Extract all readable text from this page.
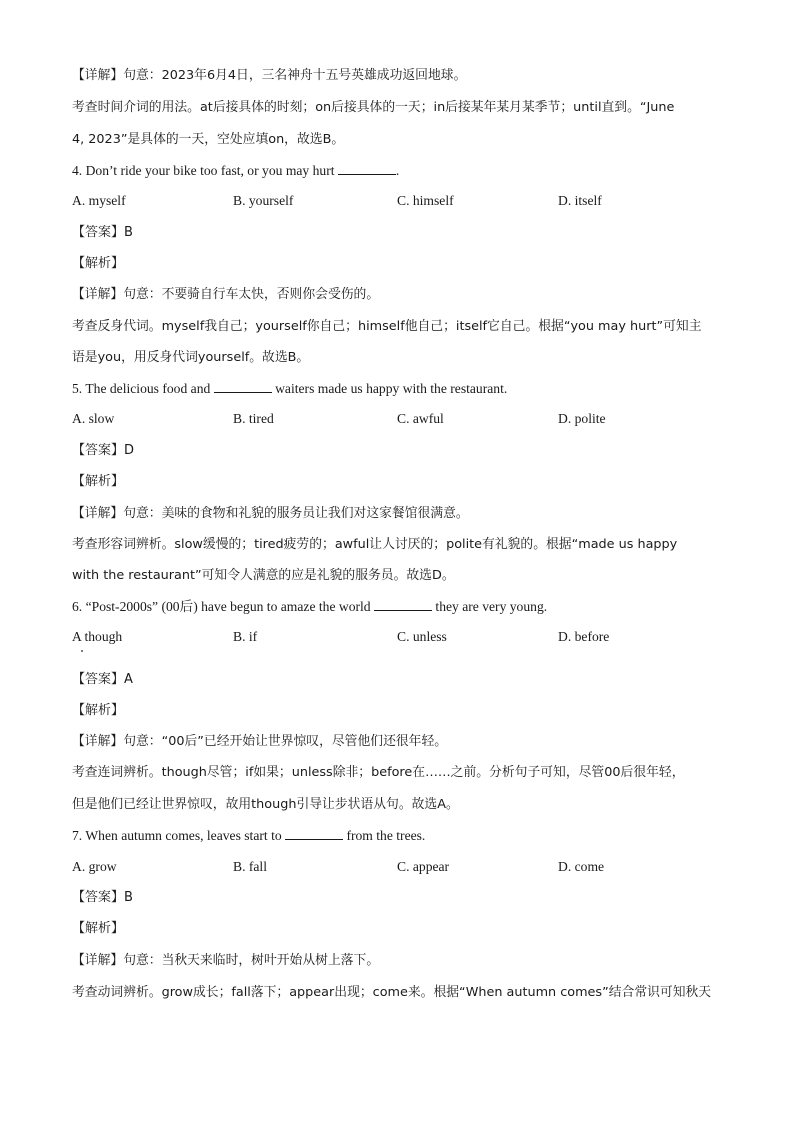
【详解】句意：2023年6月4日，三名神舟十五号英雄成功返回地球。
考查时间介词的用法。at后接具体的时刻；on后接具体的一天；in后接某年某月某季节；until直到。“June
4, 2023”是具体的一天，空处应填on，故选B。
4. Don’t ride your bike too fast, or you may hurt	.
A. myself	B. yourself	C. himself	D. itself
【答案】B
【解析】
【详解】句意：不要骑自行车太快，否则你会受伤的。
考查反身代词。myself我自己；yourself你自己；himself他自己；itself它自己。根据“you may hurt”可知主
语是you，用反身代词yourself。故选B。
5. The delicious food and	waiters made us happy with the restaurant.
A. slow	B. tired	C. awful	D. polite
【答案】D
【解析】
【详解】句意：美味的食物和礼貌的服务员让我们对这家餐馆很满意。
考查形容词辨析。slow缓慢的；tired疲劳的；awful让人讨厌的；polite有礼貌的。根据“made us happy
with the restaurant”可知令人满意的应是礼貌的服务员。故选D。
6. “Post-2000s” (00后) have begun to amaze the world	they are very young.
A though	B. if	C. unless	D. before
【答案】A
【解析】
【详解】句意：“00后”已经开始让世界惊叹，尽管他们还很年轻。
考查连词辨析。though尽管；if如果；unless除非；before在……之前。分析句子可知，尽管00后很年轻，
但是他们已经让世界惊叹，故用though引导让步状语从句。故选A。
7. When autumn comes, leaves start to	from the trees.
A. grow	B. fall	C. appear	D. come
【答案】B
【解析】
【详解】句意：当秋天来临时，树叶开始从树上落下。
考查动词辨析。grow成长；fall落下；appear出现；come来。根据“When autumn comes”结合常识可知秋天
